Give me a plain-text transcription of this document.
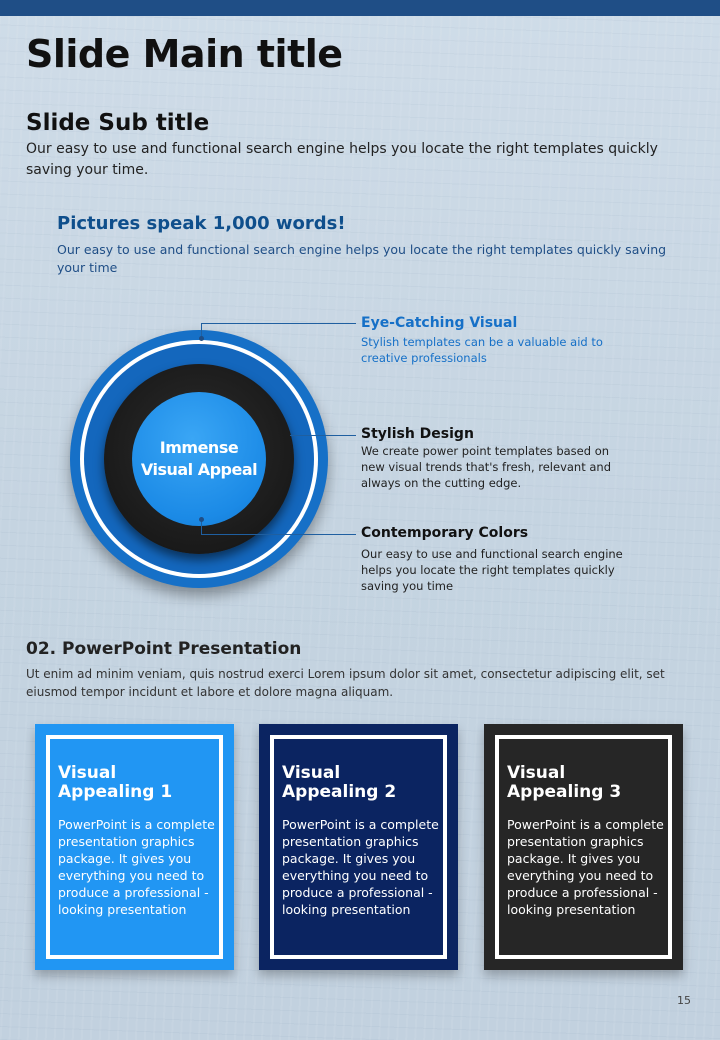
Slide Main title
Slide Sub title

Our easy to use and functional search engine helps you locate the right templates quickly saving your time.

Pictures speak 1,000 words!

Our easy to use and functional search engine helps you locate the right templates quickly saving your time

Immense Visual Appeal
Eye-Catching Visual

Stylish templates can be a valuable aid to creative professionals

Stylish Design

We create power point templates based on new visual trends that's fresh, relevant and always on the cutting edge.

Contemporary Colors

Our easy to use and functional search engine helps you locate the right templates quickly saving you time

02. PowerPoint Presentation

Ut enim ad minim veniam, quis nostrud exerci Lorem ipsum dolor sit amet, consectetur adipiscing elit, set eiusmod tempor incidunt et labore et dolore magna aliquam.

Visual Appealing 1

PowerPoint is a complete presentation graphics package. It gives you everything you need to produce a professional - looking presentation

Visual Appealing 2

PowerPoint is a complete presentation graphics package. It gives you everything you need to produce a professional - looking presentation

Visual Appealing 3

PowerPoint is a complete presentation graphics package. It gives you everything you need to produce a professional - looking presentation

15
